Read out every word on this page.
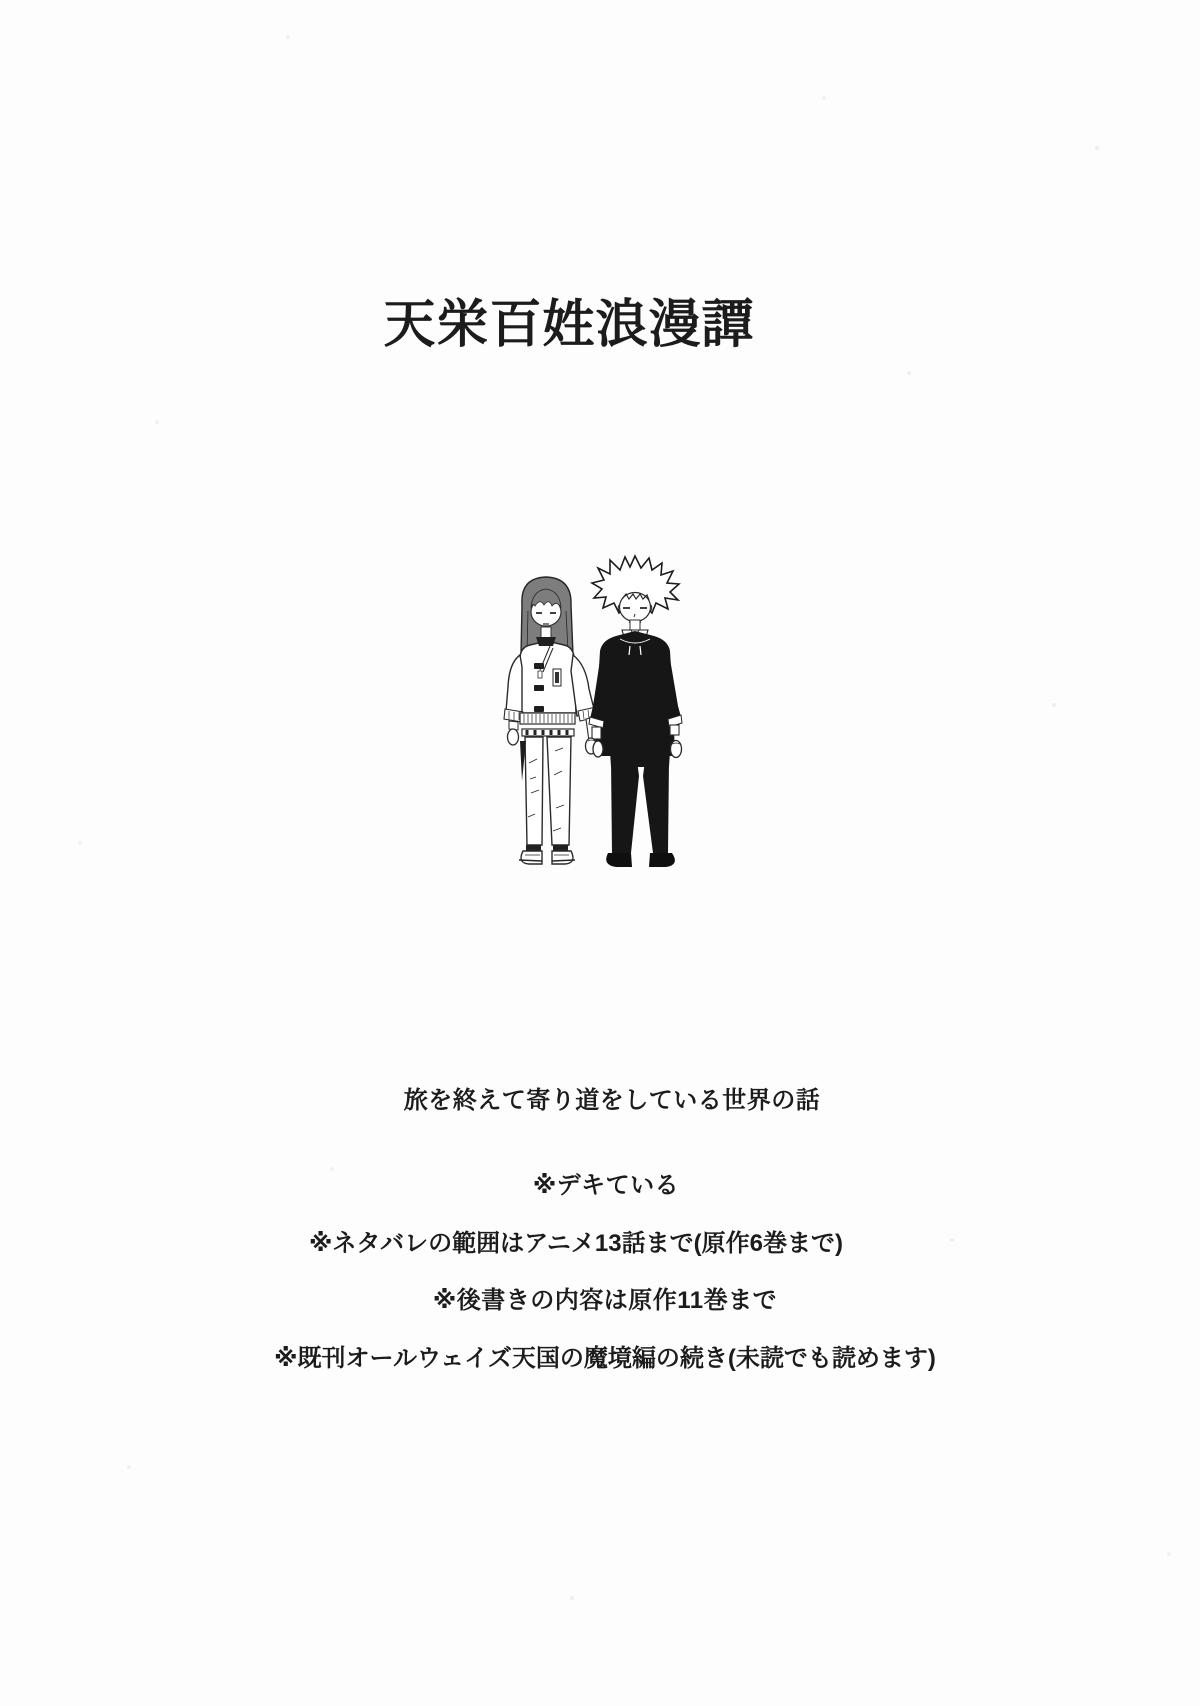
天栄百姓浪漫譚

旅を終えて寄り道をしている世界の話

※デキている

※ネタバレの範囲はアニメ13話まで(原作6巻まで)

※後書きの内容は原作11巻まで

※既刊オールウェイズ天国の魔境編の続き(未読でも読めます)
